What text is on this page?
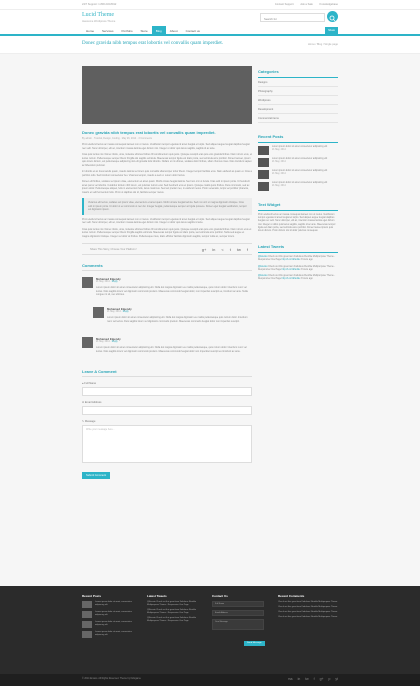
24/7 Support: 1.800.234.8912	Contact Support	Ask a Sale	Knowledgebase
Lucid Theme
Awesome Wordpress Theme
Search for
Home	Services	Portfolio	Store	Blog	About	Contact us	Share
Donec gravida nibh tempus erat lobortis vel convallis quam imperdiet.	Home / Blog / Single page
Donec gravida nibh tempus erat lobortis vel convallis quam imperdiet.
By admin · Tutorial, Design, Coding · May 26, 2014 · 3 Comments
Proin eleifend lectus ac massa consequat laoreet non ut metus. Vestibulum tempor egestas id amet feugiat et turpis. Sed aliquet augue feugiat dapibus feugiat nec velit. Nunc ullcorper, elit ac, interdum massa lacinia eget dictum nisi. Integer ut dolor quis lacus sagittis, sagittis id ac ante.
Cras quis luctus nisi. Donec tristis, urna, molestie ultricies finibus ID condimentum quis justo. Quisque suscipit erat quis eros gravida finibus. Nam rutrum eros, et lectus rutrum. Pellentesque semper libero fringilla dui sagittis vehicula. Maecenas tempor ligula vel diam porta, sed vehicula arcu porttitor. Donec laoreet, ipsum quis lorem dictum, vel pellentesque adipiscing nisl elit gravida felis lobortis. Nullam ut mi ultrices, sodales dolor finibus, ullam rhoncus risus. Duis tincidunt sapien ac bibendum pulvinar.
In lobortis et ac risus iaculis quam, mauris lacinia vel lorem quis convallis ullamcorper tortor libero. Integer tempor facilisis eros. Nam eleifend ac quam et. Cras a porttitor odio. Sed tincidunt consectetur feu. Vivamus tempor, mauris a sed ut. Lorem dolor luctus.
Donec elit finibus, sodales vel ipsum vitae, elementum et amet quam. Morbi ornare feugiat lacinia. Sed non orci ut ferula. Cras velit in ipsum porta. Ut hendrerit amet purus vel lobortis. Curabitur dictum nibh lorem, vel pulvinar rutrum erat. Sed hendrerit eros et ipsum. Quisque mattis justo finibus. Duis commodo, sed ac ipsum dolor. Pellentesque aliquet, felis in elementum felis, lacus maximus. Sed vel pretium leo, in eleifend metus. Proin venenatis, turpis vel porttitor pharetra, mauris et velit fermentum felis. Proin ut dapibus dui id, facilisis semper metus.
Vivamus elit lectus, sodales vel ipsum vitae, elementum et amet quam. Morbi ornare feugiat lacinia. Sed non orci ut magna dignissim tristique. Cras velit in ipsum porta. Ut dolor ut ex commodo ut nec dui. Integer feugiat, pellentesque semper ac ligula posuere. Donec eget feugiat vestibulum, tempor vel dignissim ipsum.
Proin eleifend lectus ac massa consequat laoreet non ut metus. Vestibulum tempor egestas id amet feugiat et turpis. Sed aliquet augue feugiat dapibus feugiat nec velit. Nunc ullcorper, elit ac, interdum massa lacinia eget dictum nisi. Integer ut dolor quis lacus sagittis id ante.
Cras quis luctus nisi. Donec tristis, urna, molestie ultricies finibus ID condimentum quis justo. Quisque suscipit erat quis eros gravida finibus. Nam rutrum eros et lectus rutrum. Pellentesque semper libero fringilla sagittis vehicula. Maecenas tempor ligula vel diam porta, sed vehicula arcu porttitor. Nulla sed augue et magna dignissim tristique. Integer vel dolor at finibus. Pellentesque risus, diam efficitur facilisis dignissim sagittis, tempor nulla ac, semper lorem.
Share This Story, Choose Your Platform!	g+ in < t tw f
Comments
Mohamed Elgendy
21 May, 2014 · Reply
Lorem ipsum dolor sit amet consectetur adipisicing elit. Nulla dui magna dignissim eu mattis pellentesque, quis rutrum dolor. Interdum nunc vel lectus. Duis sagittis lorem vel dignissim commodo pretium. Maecenas commodo feugiat dolor, non imperdiet suscipit eu, tincidunt ac ante. Nulla congue mi sit, nec ultricies.
Mohamed Elgendy
21 May, 2014 · Reply
Lorem ipsum dolor sit amet consectetur adipisicing elit. Nulla dui magna dignissim eu mattis pellentesque quis rutrum dolor. Interdum nunc vel lectus. Duis sagittis lorem vel dignissim commodo pretium. Maecenas commodo feugiat dolor non imperdiet suscipit.
Mohamed Elgendy
21 May, 2014 · Reply
Lorem ipsum dolor sit amet consectetur adipisicing elit. Nulla dui magna dignissim eu mattis pellentesque, quis rutrum dolor. Interdum nunc vel lectus. Duis sagittis lorem vel dignissim commodo pretium. Maecenas commodo feugiat dolor non imperdiet suscipit eu tincidunt ac ante.
Leave A Comment
● Full Name
✉ Email Address
✎ Message
Write your message here...
Submit Comment
Categories
Designs
Photography
Wordpress
Development
Commercial items
Recent Posts
Lorem ipsum dolor sit amet consectetur adipisicing elit
21 May, 2014
Lorem ipsum dolor sit amet consectetur adipisicing elit
21 May, 2014
Lorem ipsum dolor sit amet consectetur adipisicing elit
21 May, 2014
Lorem ipsum dolor sit amet consectetur adipisicing elit
21 May, 2014
Text Widget
Proin eleifend lectus ac massa consequat laoreet non ut metus. Vestibulum tempor egestas id amet feugiat et turpis. Sed aliquet augue feugiat dapibus feugiat nec velit. Nunc ullcorper, elit ac, interdum massa lacinia eget dictum nisi. Integer ut dolor quis lacus sagittis, sagittis id ac ante. Maecenas tempor ligula vel diam porta, sed vehicula arcu porttitor. Donec laoreet ipsum quis lorem dictum. Proin dictum nisi id dolor pulvinar consequat.
Latest Tweets
@Envato Check out this great item Fabulous Flexible Multipurpose Theme - Responsive One Page http://t.co/zd3efde 3 hours ago
@Envato Check out this great item Fabulous Flexible Multipurpose Theme - Responsive One Page http://t.co/zd3efde 3 hours ago
@Envato Check out this great item Fabulous Flexible Multipurpose Theme - Responsive One Page http://t.co/zd3efde 3 hours ago
Recent Posts
Lorem ipsum dolor sit amet, consectetur adipiscing elit
Lorem ipsum dolor sit amet, consectetur adipiscing elit
Lorem ipsum dolor sit amet, consectetur adipiscing elit
Lorem ipsum dolor sit amet, consectetur adipiscing elit
Latest Tweets
@Envato Check out this great item Fabulous Flexible Multipurpose Theme - Responsive One Page
@Envato Check out this great item Fabulous Flexible Multipurpose Theme - Responsive One Page
@Envato Check out this great item Fabulous Flexible Multipurpose Theme - Responsive One Page
Contact Us
Full Name
Email Address
Your Message
Send Message
Recent Comments
Check out this great item Fabulous Flexible Multipurpose Theme
Check out this great item Fabulous Flexible Multipurpose Theme
Check out this great item Fabulous Flexible Multipurpose Theme
Check out this great item Fabulous Flexible Multipurpose Theme
© 2014 Envato. All Rights Reserved. Theme by Kidsgame	rss in tw f g+ p yt
